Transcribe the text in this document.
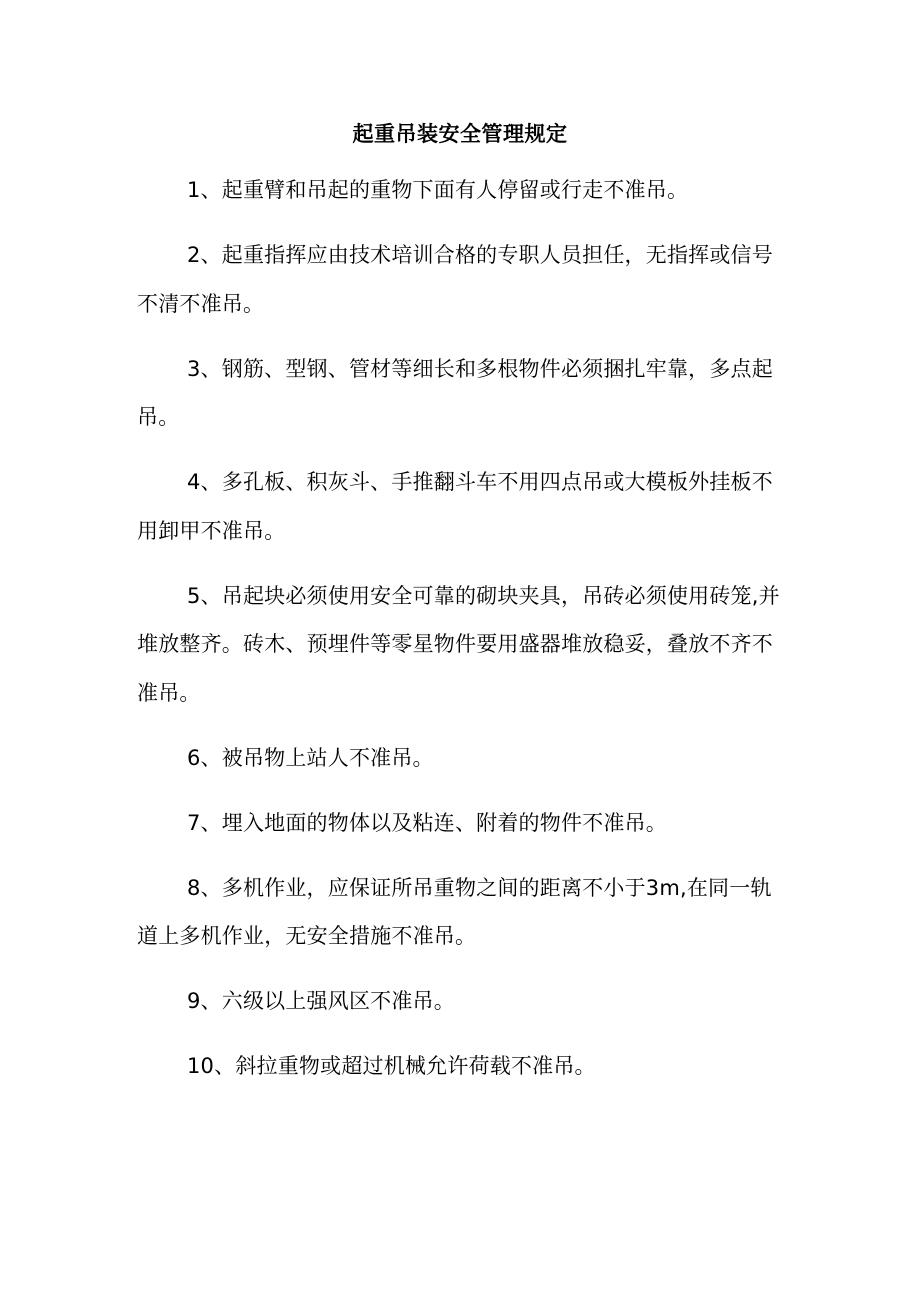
起重吊装安全管理规定

1、起重臂和吊起的重物下面有人停留或行走不准吊。

2、起重指挥应由技术培训合格的专职人员担任，无指挥或信号
不清不准吊。

3、钢筋、型钢、管材等细长和多根物件必须捆扎牢靠，多点起
吊。

4、多孔板、积灰斗、手推翻斗车不用四点吊或大模板外挂板不
用卸甲不准吊。

5、吊起块必须使用安全可靠的砌块夹具，吊砖必须使用砖笼,并
堆放整齐。砖木、预埋件等零星物件要用盛器堆放稳妥，叠放不齐不
准吊。

6、被吊物上站人不准吊。

7、埋入地面的物体以及粘连、附着的物件不准吊。

8、多机作业，应保证所吊重物之间的距离不小于3m,在同一轨
道上多机作业，无安全措施不准吊。

9、六级以上强风区不准吊。

10、斜拉重物或超过机械允许荷载不准吊。
